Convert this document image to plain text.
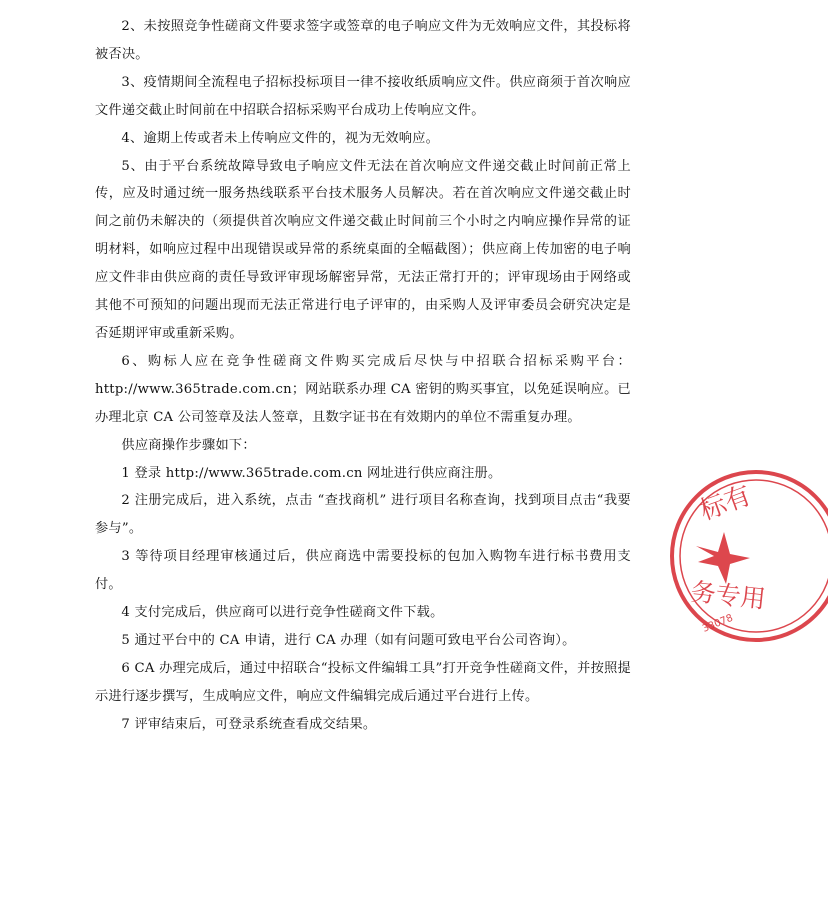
2、未按照竞争性磋商文件要求签字或签章的电子响应文件为无效响应文件，其投标将被否决。

3、疫情期间全流程电子招标投标项目一律不接收纸质响应文件。供应商须于首次响应文件递交截止时间前在中招联合招标采购平台成功上传响应文件。

4、逾期上传或者未上传响应文件的，视为无效响应。

5、由于平台系统故障导致电子响应文件无法在首次响应文件递交截止时间前正常上传，应及时通过统一服务热线联系平台技术服务人员解决。若在首次响应文件递交截止时间之前仍未解决的（须提供首次响应文件递交截止时间前三个小时之内响应操作异常的证明材料，如响应过程中出现错误或异常的系统桌面的全幅截图）；供应商上传加密的电子响应文件非由供应商的责任导致评审现场解密异常，无法正常打开的；评审现场由于网络或其他不可预知的问题出现而无法正常进行电子评审的，由采购人及评审委员会研究决定是否延期评审或重新采购。

6、购标人应在竞争性磋商文件购买完成后尽快与中招联合招标采购平台：http://www.365trade.com.cn；网站联系办理 CA 密钥的购买事宜，以免延误响应。已办理北京 CA 公司签章及法人签章，且数字证书在有效期内的单位不需重复办理。

供应商操作步骤如下：

1 登录 http://www.365trade.com.cn 网址进行供应商注册。

2 注册完成后，进入系统，点击 “查找商机” 进行项目名称查询，找到项目点击“我要参与”。

3 等待项目经理审核通过后，供应商选中需要投标的包加入购物车进行标书费用支付。

4 支付完成后，供应商可以进行竞争性磋商文件下载。

5 通过平台中的 CA 申请，进行 CA 办理（如有问题可致电平台公司咨询）。

6 CA 办理完成后，通过中招联合“投标文件编辑工具”打开竞争性磋商文件，并按照提示进行逐步撰写，生成响应文件，响应文件编辑完成后通过平台进行上传。

7 评审结束后，可登录系统查看成交结果。

标有
务专用
33078
